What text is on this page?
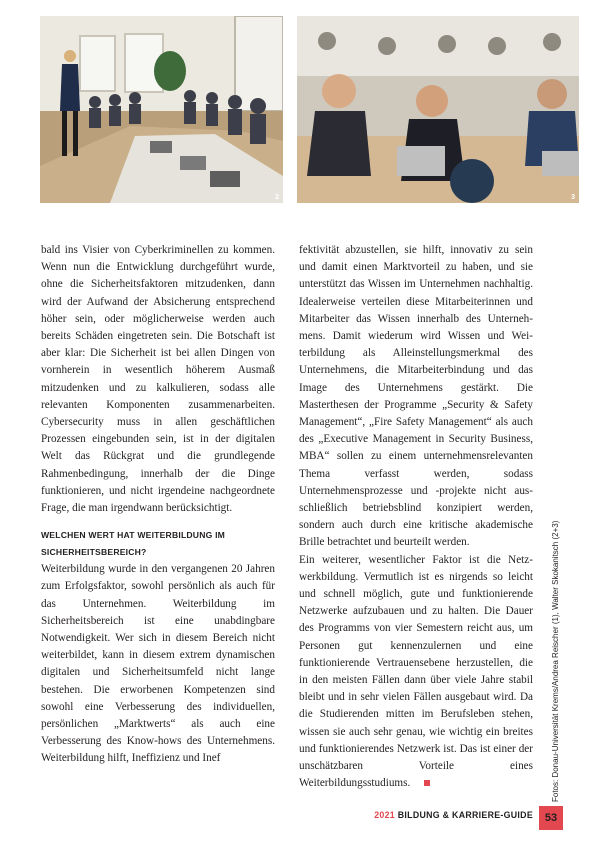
2	3

bald ins Visier von Cyberkriminellen zu kommen. Wenn nun die Entwicklung durchgeführt wurde, ohne die Sicherheitsfaktoren mitzudenken, dann wird der Aufwand der Absicherung entsprechend höher sein, oder möglicherweise werden auch bereits Schäden eingetreten sein. Die Botschaft ist aber klar: Die Sicherheit ist bei allen Dingen von vornherein in wesentlich höherem Ausmaß mitzudenken und zu kalkulieren, sodass alle relevanten Komponenten zusammenarbeiten. Cybersecurity muss in allen geschäftlichen Prozessen eingebunden sein, ist in der digitalen Welt das Rückgrat und die grundlegende Rahmenbedingung, innerhalb der die Dinge funktionieren, und nicht irgendeine nachgeordnete Frage, die man irgendwann berücksichtigt.

WELCHEN WERT HAT WEITERBILDUNG IM SICHERHEITSBEREICH?

Weiterbildung wurde in den vergangenen 20 Jahren zum Erfolgsfaktor, sowohl persönlich als auch für das Unternehmen. Weiterbildung im Sicherheitsbereich ist eine unabdingbare Notwendigkeit. Wer sich in diesem Bereich nicht weiterbildet, kann in diesem extrem dynamischen digitalen und Sicherheitsumfeld nicht lange bestehen. Die erworbenen Kompetenzen sind sowohl eine Verbesserung des individuellen, persönlichen „Marktwerts“ als auch eine Verbesserung des Know-hows des Unternehmens. Weiterbildung hilft, Ineffizienz und Inef

fektivität abzustellen, sie hilft, innovativ zu sein und damit einen Marktvorteil zu haben, und sie unterstützt das Wissen im Unternehmen nachhaltig. Idealerweise verteilen diese Mitarbeiterinnen und Mitarbeiter das Wissen innerhalb des Unternehmens. Damit wiederum wird Wissen und Weiterbildung als Alleinstellungsmerkmal des Unternehmens, die Mitarbeiterbindung und das Image des Unternehmens gestärkt. Die Masterthesen der Programme „Security & Safety Management“, „Fire Safety Management“ als auch des „Executive Management in Security Business, MBA“ sollen zu einem unternehmensrelevanten Thema verfasst werden, sodass Unternehmensprozesse und -projekte nicht ausschließlich betriebsblind konzipiert werden, sondern auch durch eine kritische akademische Brille betrachtet und beurteilt werden.

Ein weiterer, wesentlicher Faktor ist die Netzwerkbildung. Vermutlich ist es nirgends so leicht und schnell möglich, gute und funktionierende Netzwerke aufzubauen und zu halten. Die Dauer des Programms von vier Semestern reicht aus, um Personen gut kennenzulernen und eine funktionierende Vertrauensebene herzustellen, die in den meisten Fällen dann über viele Jahre stabil bleibt und in sehr vielen Fällen ausgebaut wird. Da die Studierenden mitten im Berufsleben stehen, wissen sie auch sehr genau, wie wichtig ein breites und funktionierendes Netzwerk ist. Das ist einer der unschätzbaren Vorteile eines Weiterbildungsstudiums.	Fotos: Donau-Universität Krems/Andrea Reischer (1), Walter Skokanitsch (2+3)
2021 BILDUNG & KARRIERE-GUIDE 53
